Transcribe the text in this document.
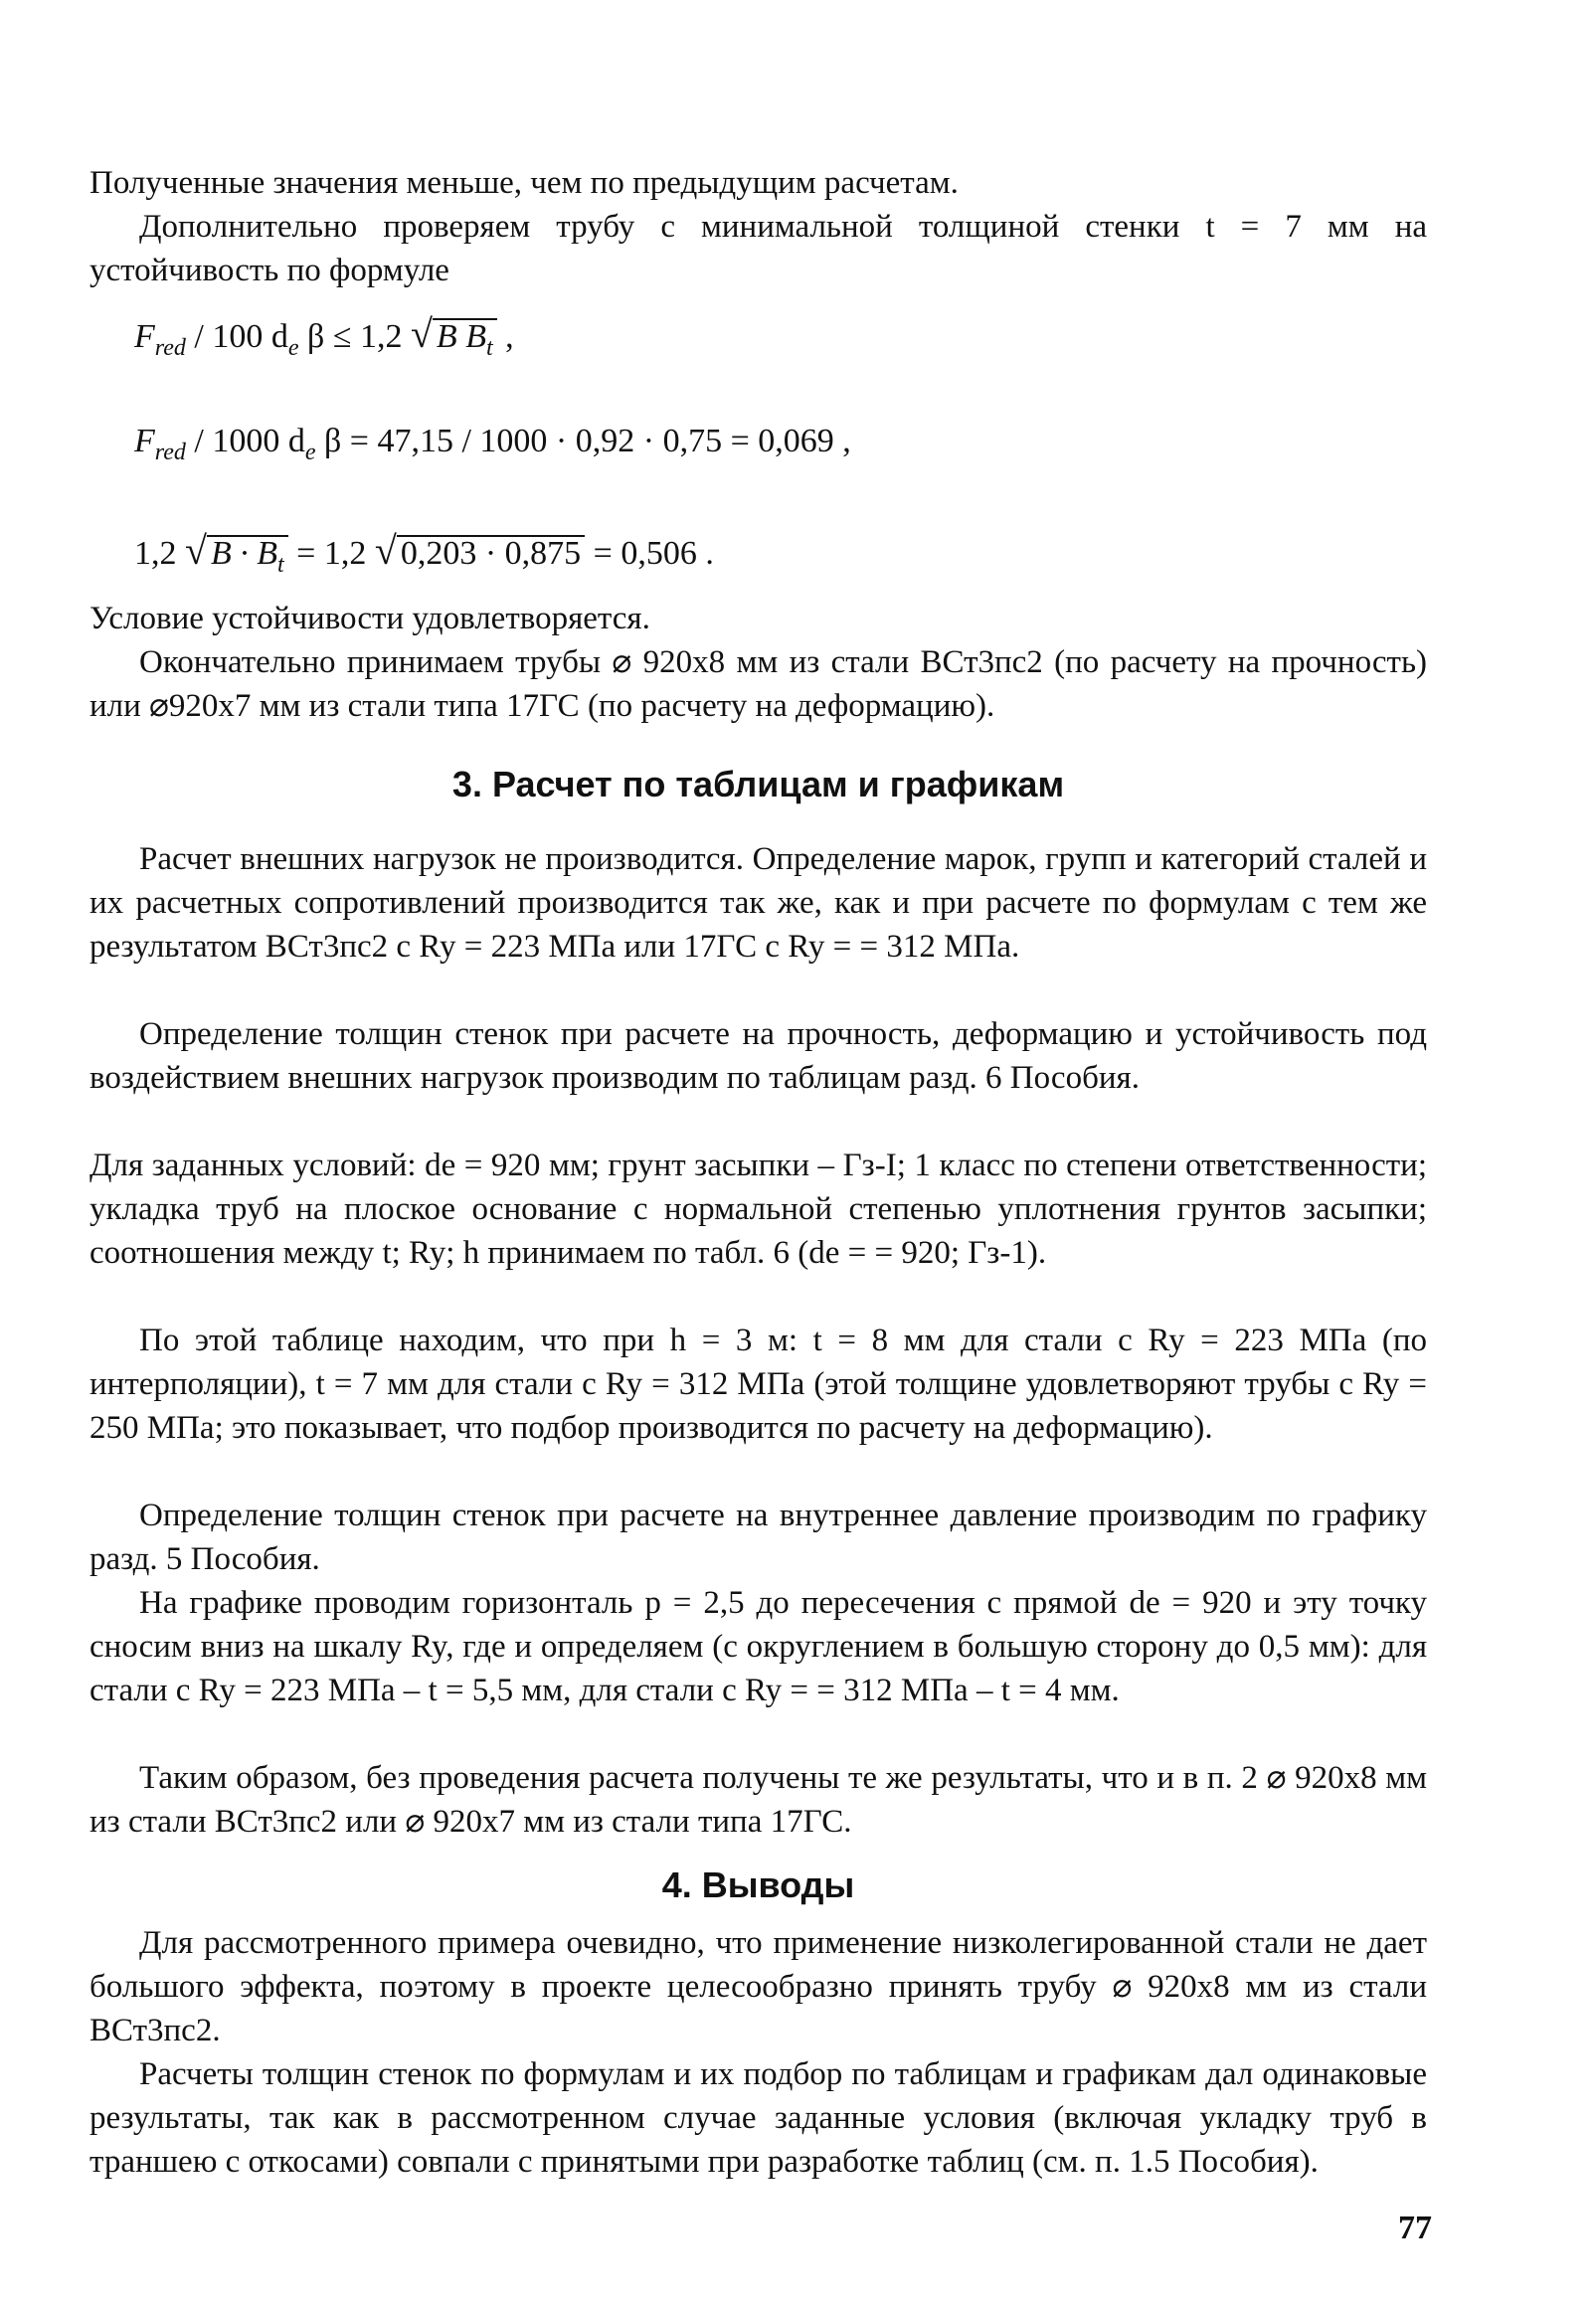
Полученные значения меньше, чем по предыдущим расчетам.

Дополнительно проверяем трубу с минимальной толщиной стенки t = 7 мм на устойчивость по формуле

$F_{red} / 100$ $d_e$ β ≤ 1,2 √ B $B_t$ ,
$F_{red} / 1000$ $d_e$ β = 47,15 / 1000 · 0,92 · 0,75 = 0,069 ,
1,2 √ $B \cdot B_t = 1,2$ √ 0,203 · 0,875 = 0,506 .

Условие устойчивости удовлетворяется.

Окончательно принимаем трубы ⌀ 920х8 мм из стали ВСт3пс2 (по расчету на прочность) или ⌀920х7 мм из стали типа 17ГС (по расчету на деформацию).

3. Расчет по таблицам и графикам

Расчет внешних нагрузок не производится. Определение марок, групп и категорий сталей и их расчетных сопротивлений производится так же, как и при расчете по формулам с тем же результатом ВСт3пс2 с Ry = 223 МПа или 17ГС с Ry = = 312 МПа.

Определение толщин стенок при расчете на прочность, деформацию и устойчивость под воздействием внешних нагрузок производим по таблицам разд. 6 Пособия.

Для заданных условий: de = 920 мм; грунт засыпки – Гз-I; 1 класс по степени ответственности; укладка труб на плоское основание с нормальной степенью уплотнения грунтов засыпки; соотношения между t; Ry; h принимаем по табл. 6 (de = = 920; Гз-1).

По этой таблице находим, что при h = 3 м: t = 8 мм для стали с Ry = 223 МПа (по интерполяции), t = 7 мм для стали с Ry = 312 МПа (этой толщине удовлетворяют трубы с Ry = 250 МПа; это показывает, что подбор производится по расчету на деформацию).

Определение толщин стенок при расчете на внутреннее давление производим по графику разд. 5 Пособия.

На графике проводим горизонталь p = 2,5 до пересечения с прямой de = 920 и эту точку сносим вниз на шкалу Ry, где и определяем (с округлением в большую сторону до 0,5 мм): для стали с Ry = 223 МПа – t = 5,5 мм, для стали с Ry = = 312 МПа – t = 4 мм.

Таким образом, без проведения расчета получены те же результаты, что и в п. 2 ⌀ 920х8 мм из стали ВСт3пс2 или ⌀ 920х7 мм из стали типа 17ГС.

4. Выводы

Для рассмотренного примера очевидно, что применение низколегированной стали не дает большого эффекта, поэтому в проекте целесообразно принять трубу ⌀ 920х8 мм из стали ВСт3пс2.

Расчеты толщин стенок по формулам и их подбор по таблицам и графикам дал одинаковые результаты, так как в рассмотренном случае заданные условия (включая укладку труб в траншею с откосами) совпали с принятыми при разработке таблиц (см. п. 1.5 Пособия).

77
